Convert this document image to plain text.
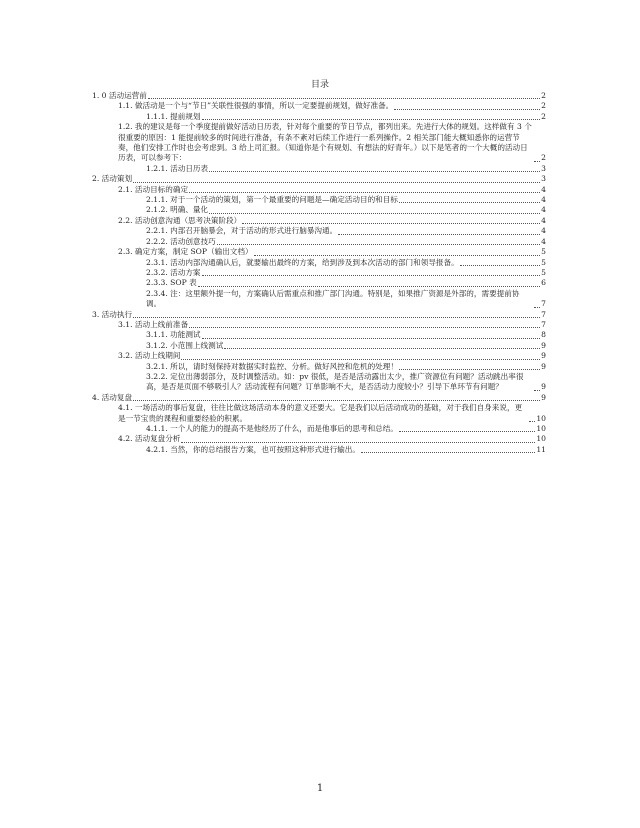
目录
1. 0 活动运营前	2
1.1. 做活动是一个与“节日”关联性很强的事情，所以一定要提前规划，做好准备。	2
1.1.1. 提前规划	2
1.2. 我的建议是每一个季度提前做好活动日历表，针对每个重要的节日节点，都列出来。先进行大体的规划。这样做有 3 个很重要的原因：1 能提前较多的时间进行准备，有条不紊对后续工作进行一系列操作。2 相关部门能大概知悉你的运营节奏，他们安排工作时也会考虑到。3 给上司汇报。（知道你是个有规划、有想法的好青年。）以下是笔者的一个大概的活动日历表，可以参考下：	2
1.2.1. 活动日历表	3
2. 活动策划	3
2.1. 活动目标的确定	4
2.1.1. 对于一个活动的策划，第一个最重要的问题是—确定活动目的和目标	4
2.1.2. 明确、量化	4
2.2. 活动创意沟通（思考决策阶段）	4
2.2.1. 内部召开脑暴会，对于活动的形式进行脑暴沟通。	4
2.2.2. 活动创意技巧	4
2.3. 确定方案，制定 SOP（输出文档）	5
2.3.1. 活动内部沟通确认后，就要输出最终的方案，给到涉及到本次活动的部门和领导报备。	5
2.3.2. 活动方案	5
2.3.3. SOP 表	6
2.3.4. 注：这里额外提一句，方案确认后需重点和推广部门沟通。特别是，如果推广资源是外部的，需要提前协调。	7
3. 活动执行	7
3.1. 活动上线前准备	7
3.1.1. 功能测试	8
3.1.2. 小范围上线测试	9
3.2. 活动上线期间	9
3.2.1. 所以，请时刻保持对数据实时监控、分析。做好风控和危机的处理！	9
3.2.2. 定位出薄弱部分，及时调整活动。如：pv 很低，是否是活动露出太少，推广资源位有问题？活动跳出率很高，是否是页面不够吸引人？活动流程有问题？订单影响不大，是否活动力度较小？引导下单环节有问题？	9
4. 活动复盘	9
4.1. 一场活动的事后复盘，往往比做这场活动本身的意义还要大。它是我们以后活动成功的基础，对于我们自身来说，更是一节宝贵的课程和重要经验的积累。	10
4.1.1. 一个人的能力的提高不是他经历了什么，而是他事后的思考和总结。	10
4.2. 活动复盘分析	10
4.2.1. 当然，你的总结报告方案，也可按照这种形式进行输出。	11
1
